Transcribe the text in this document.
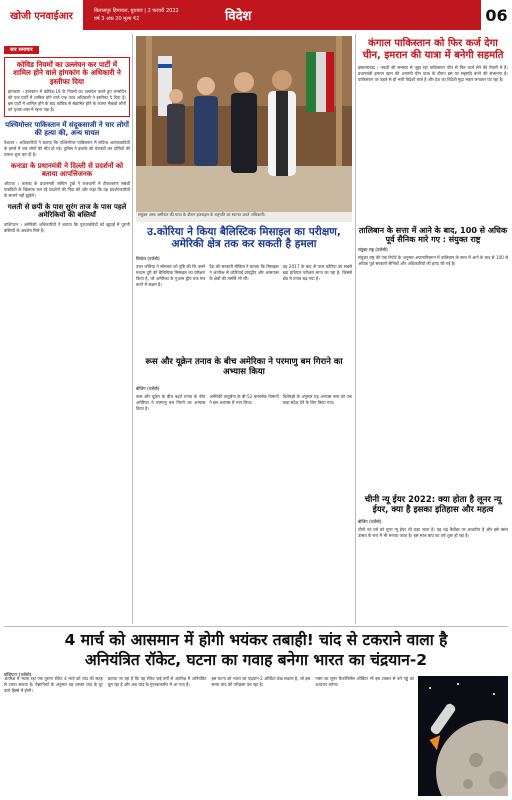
खोजी एनवाईआर	बिलासपुर हिमाचल, बुधवार | 2 फरवरी 2022
वर्ष 3 अंक 20 मूल्य ₹2	विदेश	06
सार समाचार
कोविड नियमों का उल्लंघन कर पार्टी में शामिल होने वाले हांगकांग के अधिकारी ने इस्तीफा दिया
हांगकांग । हांगकांग में कोविड-19 के नियमों का उल्लंघन करते हुए जन्मदिन की एक पार्टी में शामिल होने वाले एक उच्च अधिकारी ने इस्तीफा दे दिया है। इस पार्टी में शामिल होने के बाद कोविड से संक्रमित होने के कारण सैकड़ों लोगों को पृथक-वास में रहना पड़ा है।
पश्चिमोत्तर पाकिस्तान में संदूकसाजी ने चार लोगों की हत्या की, अन्य घायल
पेशावर । अधिकारियों ने बताया कि पश्चिमोत्तर पाकिस्तान में संदिग्ध आतंकवादियों के हमले में चार लोगों की मौत हो गई। पुलिस ने इलाके की घेराबंदी कर दोषियों की तलाश शुरू कर दी है।
कनाडा के प्रधानमंत्री ने दिल्ली से प्रदर्शनों को बताया आपत्तिजनक
ओटावा । कनाडा के प्रधानमंत्री जस्टिन ट्रूडो ने राजधानी में टीकाकरण संबंधी पाबंदियों के खिलाफ चल रहे प्रदर्शनों की निंदा की और कहा कि वह प्रदर्शनकारियों के सामने नहीं झुकेंगे।
गलती से छपी के पास सुरंग ताज के पास पहले अमेरिकियों की बस्तियाँ
वाशिंगटन । अमेरिकी अधिकारियों ने बताया कि पुरातत्वविदों को खुदाई में पुरानी बस्तियों के अवशेष मिले हैं।
संयुक्त अरब अमीरात की यात्रा के दौरान इजराइल के राष्ट्रपति का स्वागत करते अधिकारी।
कंगाल पाकिस्तान को फिर कर्ज देगा चीन, इमरान की यात्रा में बनेगी सहमति
इस्लामाबाद । नकदी की समस्या से जूझ रहा पाकिस्तान चीन से फिर कर्ज लेने की तैयारी में है। प्रधानमंत्री इमरान खान की आगामी चीन यात्रा के दौरान इस पर सहमति बनने की संभावना है। पाकिस्तान पर पहले से ही भारी विदेशी कर्ज है और देश का विदेशी मुद्रा भंडार लगातार घट रहा है।
उ.कोरिया ने किया बैलिस्टिक मिसाइल का परीक्षण, अमेरिकी क्षेत्र तक कर सकती है हमला
सियोल (एजेंसी)
उत्तर कोरिया ने सोमवार को पुष्टि की कि उसने मध्यम दूरी की बैलिस्टिक मिसाइल का परीक्षण किया है, जो अमेरिका के गुआम द्वीप तक मार करने में सक्षम है।
देश की सरकारी मीडिया ने बताया कि मिसाइल ने अंतरिक्ष से कोरियाई प्रायद्वीप और आसपास के क्षेत्रों की तस्वीरें भी लीं।
यह 2017 के बाद से उत्तर कोरिया का सबसे बड़ा हथियार परीक्षण माना जा रहा है, जिससे क्षेत्र में तनाव बढ़ गया है।
तालिबान के सत्ता में आने के बाद, 100 से अधिक पूर्व सैनिक मारे गए : संयुक्त राष्ट्र
संयुक्त राष्ट्र (एजेंसी)
संयुक्त राष्ट्र की एक रिपोर्ट के अनुसार अफगानिस्तान में तालिबान के सत्ता में आने के बाद से 100 से अधिक पूर्व सरकारी सैनिकों और अधिकारियों की हत्या की गई है।
रूस और यूक्रेन तनाव के बीच अमेरिका ने परमाणु बम गिराने का अभ्यास किया
बीजिंग (एजेंसी)
रूस और यूक्रेन के बीच बढ़ते तनाव के बीच अमेरिका ने परमाणु बम गिराने का अभ्यास किया है।
अमेरिकी वायुसेना के बी-52 बमवर्षक विमानों ने इस अभ्यास में भाग लिया।
विशेषज्ञों के अनुसार यह अभ्यास रूस को एक कड़ा संदेश देने के लिए किया गया।
चीनी न्यू ईयर 2022: क्या होता है लूनर न्यू ईयर, क्या है इसका इतिहास और महत्व
बीजिंग (एजेंसी)
चीनी नव वर्ष को लूनर न्यू ईयर भी कहा जाता है। यह चंद्र कैलेंडर पर आधारित है और इसे वसंत उत्सव के रूप में भी मनाया जाता है। इस साल बाघ का वर्ष शुरू हो रहा है।
4 मार्च को आसमान में होगी भयंकर तबाही! चांद से टकराने वाला है
अनियंत्रित रॉकेट, घटना का गवाह बनेगा भारत का चंद्रयान-2
वॉशिंगटन (एजेंसी)
अंतरिक्ष में भटक रहा एक पुराना रॉकेट 4 मार्च को चांद की सतह से टकरा सकता है। वैज्ञानिकों के अनुसार यह टक्कर चांद के दूर वाले हिस्से में होगी।
बताया जा रहा है कि यह रॉकेट कई वर्षों से अंतरिक्ष में अनियंत्रित घूम रहा है और अब चांद के गुरुत्वाकर्षण में आ गया है।
इस घटना को भारत का चंद्रयान-2 ऑर्बिटर देख सकता है, जो इस समय चांद की परिक्रमा कर रहा है।
नासा का लूनर रिकॉनिसेंस ऑर्बिटर भी इस टक्कर से बने गड्ढे का अध्ययन करेगा।
